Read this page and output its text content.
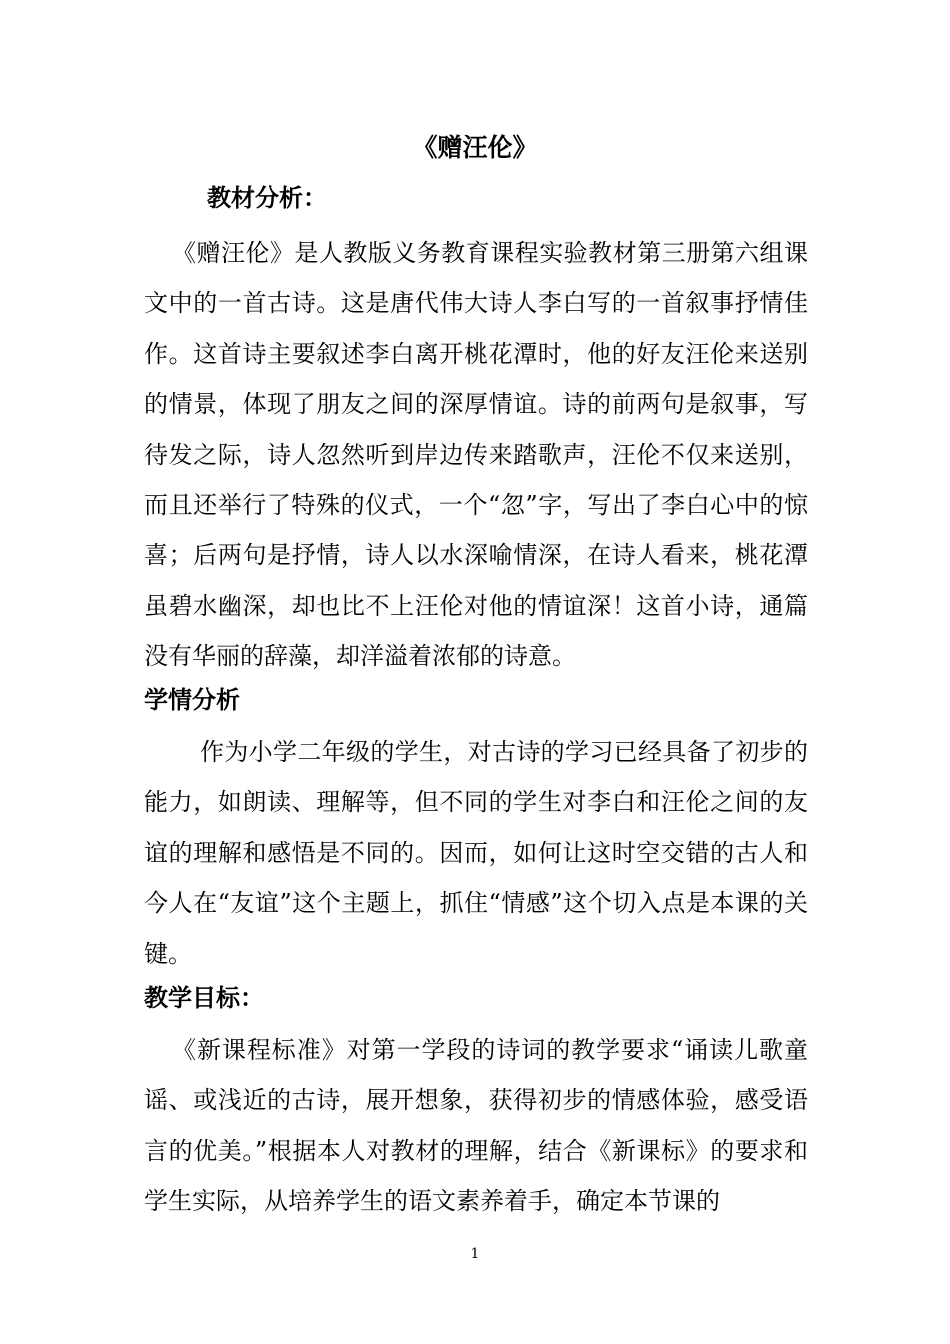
《赠汪伦》
教材分析：

《赠汪伦》是人教版义务教育课程实验教材第三册第六组课文中的一首古诗。这是唐代伟大诗人李白写的一首叙事抒情佳作。这首诗主要叙述李白离开桃花潭时，他的好友汪伦来送别的情景，体现了朋友之间的深厚情谊。诗的前两句是叙事，写待发之际，诗人忽然听到岸边传来踏歌声，汪伦不仅来送别，而且还举行了特殊的仪式，一个“忽”字，写出了李白心中的惊喜；后两句是抒情，诗人以水深喻情深，在诗人看来，桃花潭虽碧水幽深，却也比不上汪伦对他的情谊深！这首小诗，通篇没有华丽的辞藻，却洋溢着浓郁的诗意。

学情分析

作为小学二年级的学生，对古诗的学习已经具备了初步的能力，如朗读、理解等，但不同的学生对李白和汪伦之间的友谊的理解和感悟是不同的。因而，如何让这时空交错的古人和今人在“友谊”这个主题上，抓住“情感”这个切入点是本课的关键。

教学目标：

《新课程标准》对第一学段的诗词的教学要求“诵读儿歌童谣、或浅近的古诗，展开想象，获得初步的情感体验，感受语言的优美。”根据本人对教材的理解，结合《新课标》的要求和学生实际，从培养学生的语文素养着手，确定本节课的

1
